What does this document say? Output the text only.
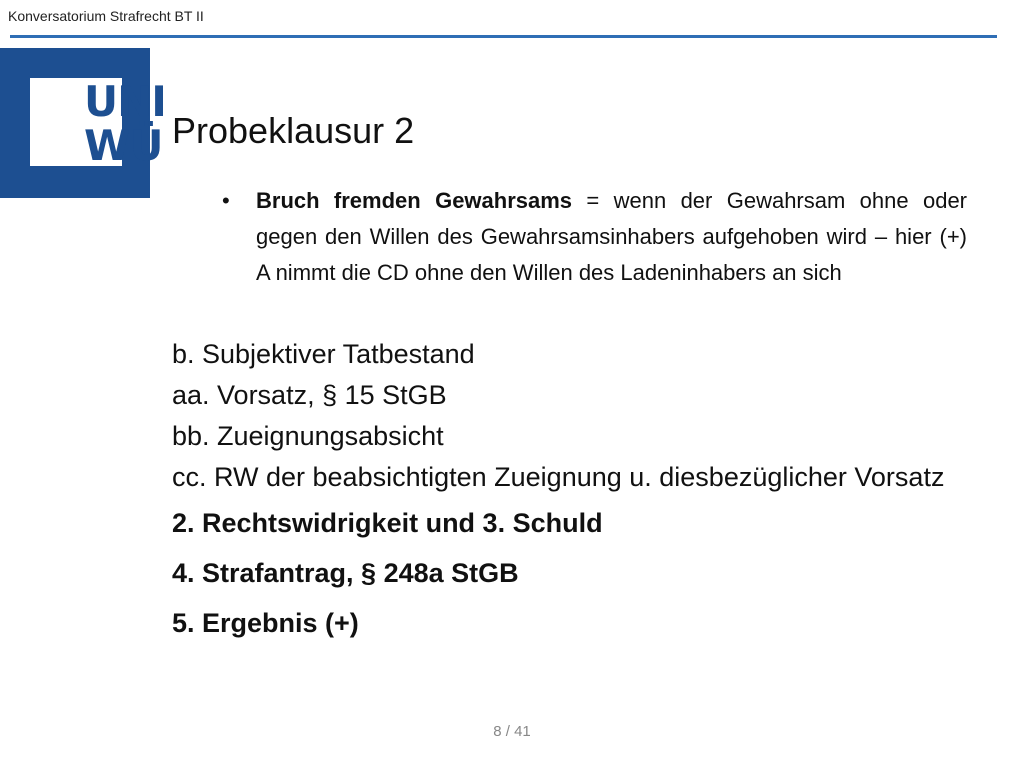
Konversatorium Strafrecht BT II
UNI
WÜ Probeklausur 2
• Bruch fremden Gewahrsams = wenn der Gewahrsam ohne oder gegen den Willen des Gewahrsamsinhabers aufgehoben wird – hier (+) A nimmt die CD ohne den Willen des Ladeninhabers an sich
b. Subjektiver Tatbestand
aa. Vorsatz, § 15 StGB
bb. Zueignungsabsicht
cc. RW der beabsichtigten Zueignung u. diesbezüglicher Vorsatz
2. Rechtswidrigkeit und 3. Schuld
4. Strafantrag, § 248a StGB
5. Ergebnis (+)
8 / 41
